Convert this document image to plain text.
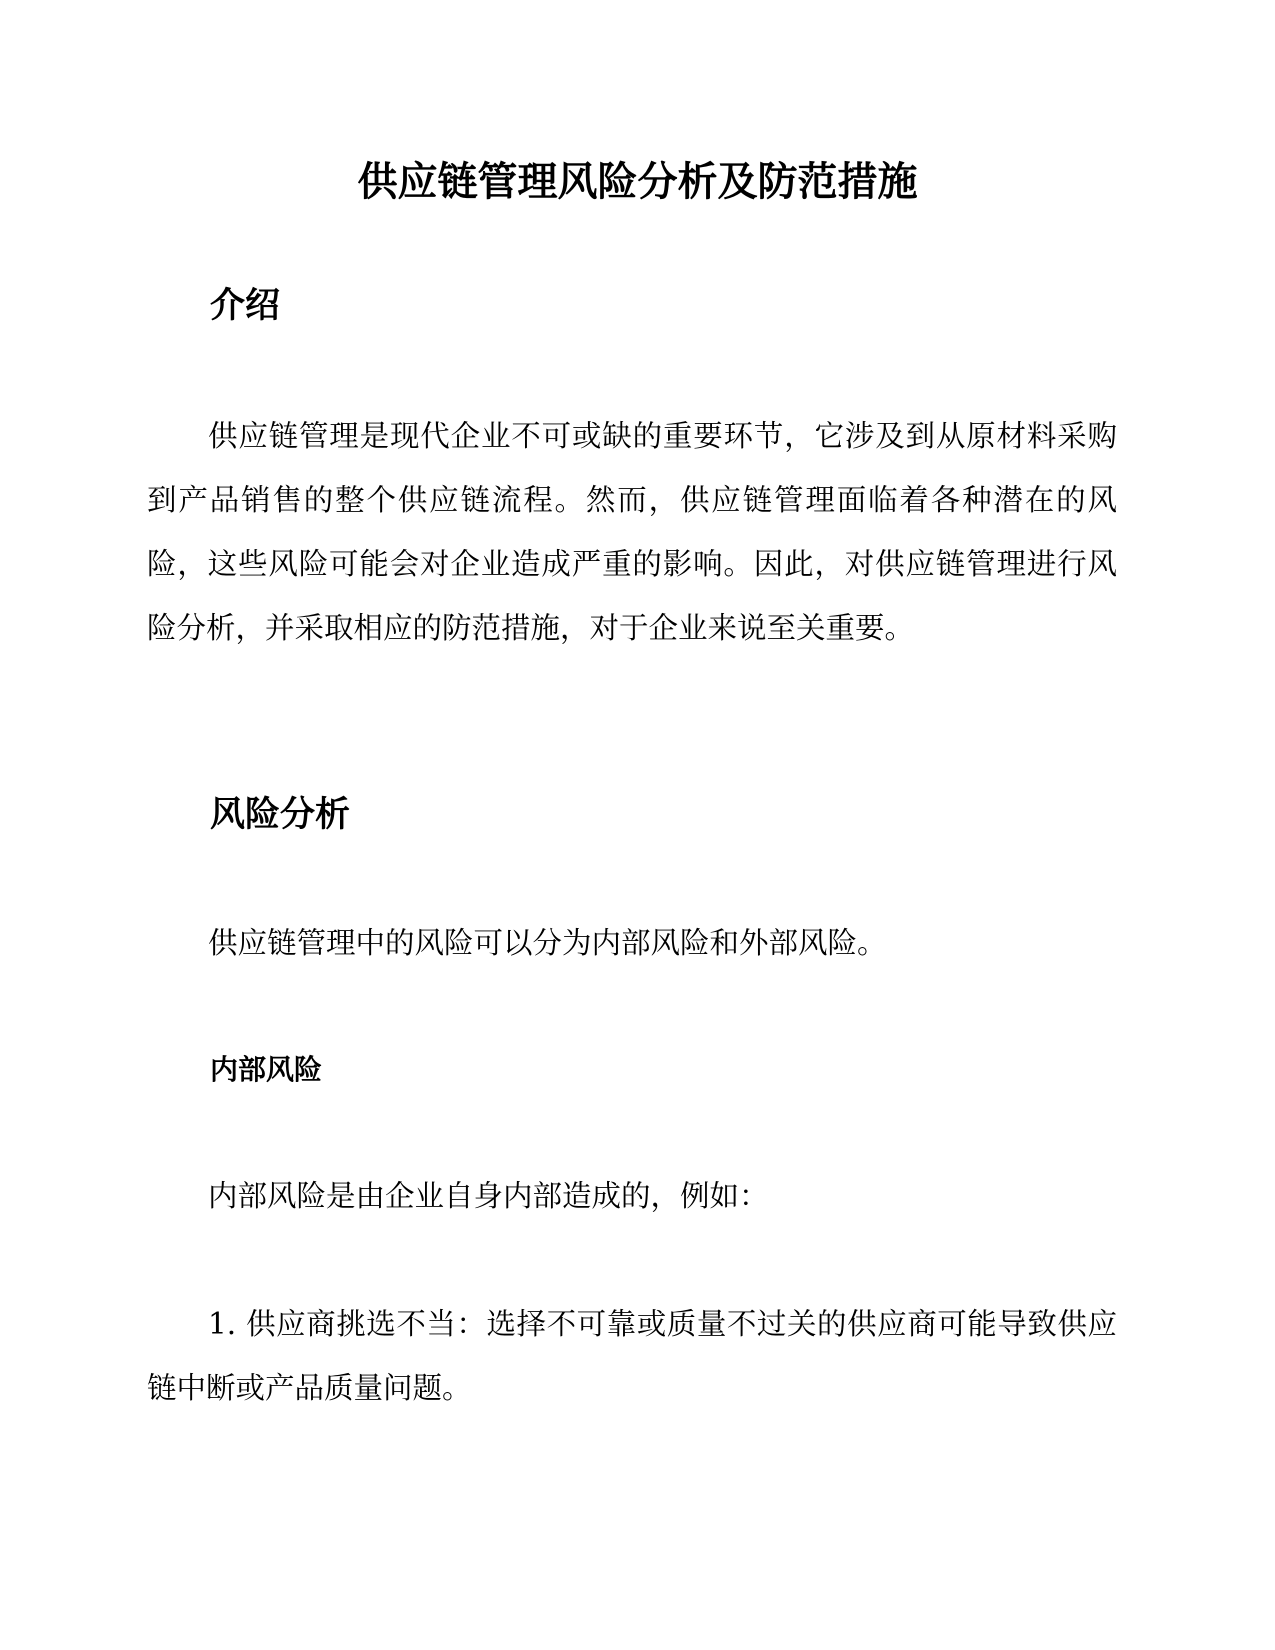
供应链管理风险分析及防范措施
介绍

供应链管理是现代企业不可或缺的重要环节，它涉及到从原材料采购到产品销售的整个供应链流程。然而，供应链管理面临着各种潜在的风险，这些风险可能会对企业造成严重的影响。因此，对供应链管理进行风险分析，并采取相应的防范措施，对于企业来说至关重要。

风险分析

供应链管理中的风险可以分为内部风险和外部风险。

内部风险

内部风险是由企业自身内部造成的，例如：

1. 供应商挑选不当：选择不可靠或质量不过关的供应商可能导致供应链中断或产品质量问题。
